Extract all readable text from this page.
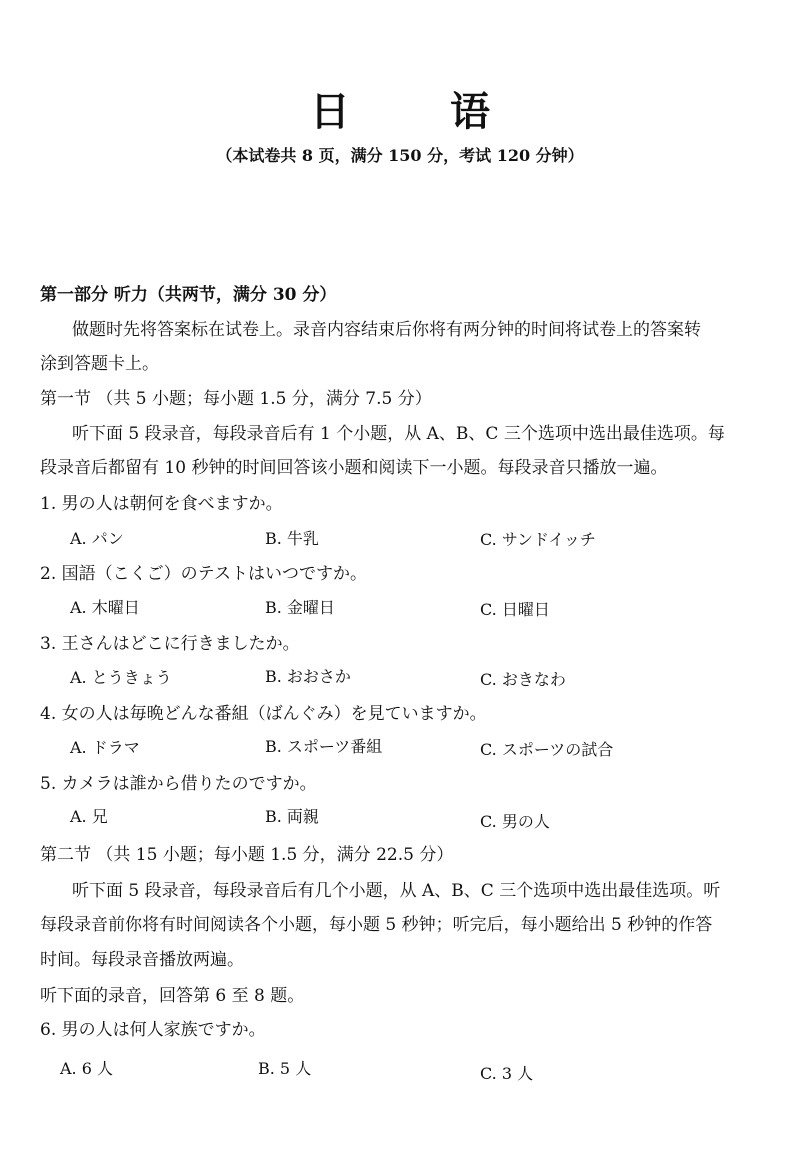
日　语
（本试卷共 8 页，满分 150 分，考试 120 分钟）
第一部分 听力（共两节，满分 30 分）
做题时先将答案标在试卷上。录音内容结束后你将有两分钟的时间将试卷上的答案转
涂到答题卡上。
第一节 （共 5 小题；每小题 1.5 分，满分 7.5 分）
听下面 5 段录音，每段录音后有 1 个小题，从 A、B、C 三个选项中选出最佳选项。每
段录音后都留有 10 秒钟的时间回答该小题和阅读下一小题。每段录音只播放一遍。
1. 男の人は朝何を食べますか。
A. パン	B. 牛乳	C. サンドイッチ
2. 国語（こくご）のテストはいつですか。
A. 木曜日	B. 金曜日	C. 日曜日
3. 王さんはどこに行きましたか。
A. とうきょう	B. おおさか	C. おきなわ
4. 女の人は毎晩どんな番組（ばんぐみ）を見ていますか。
A. ドラマ	B. スポーツ番組	C. スポーツの試合
5. カメラは誰から借りたのですか。
A. 兄	B. 両親	C. 男の人
第二节 （共 15 小题；每小题 1.5 分，满分 22.5 分）
听下面 5 段录音，每段录音后有几个小题，从 A、B、C 三个选项中选出最佳选项。听
每段录音前你将有时间阅读各个小题，每小题 5 秒钟；听完后，每小题给出 5 秒钟的作答
时间。每段录音播放两遍。
听下面的录音，回答第 6 至 8 题。
6. 男の人は何人家族ですか。
A. 6 人	B. 5 人	C. 3 人
